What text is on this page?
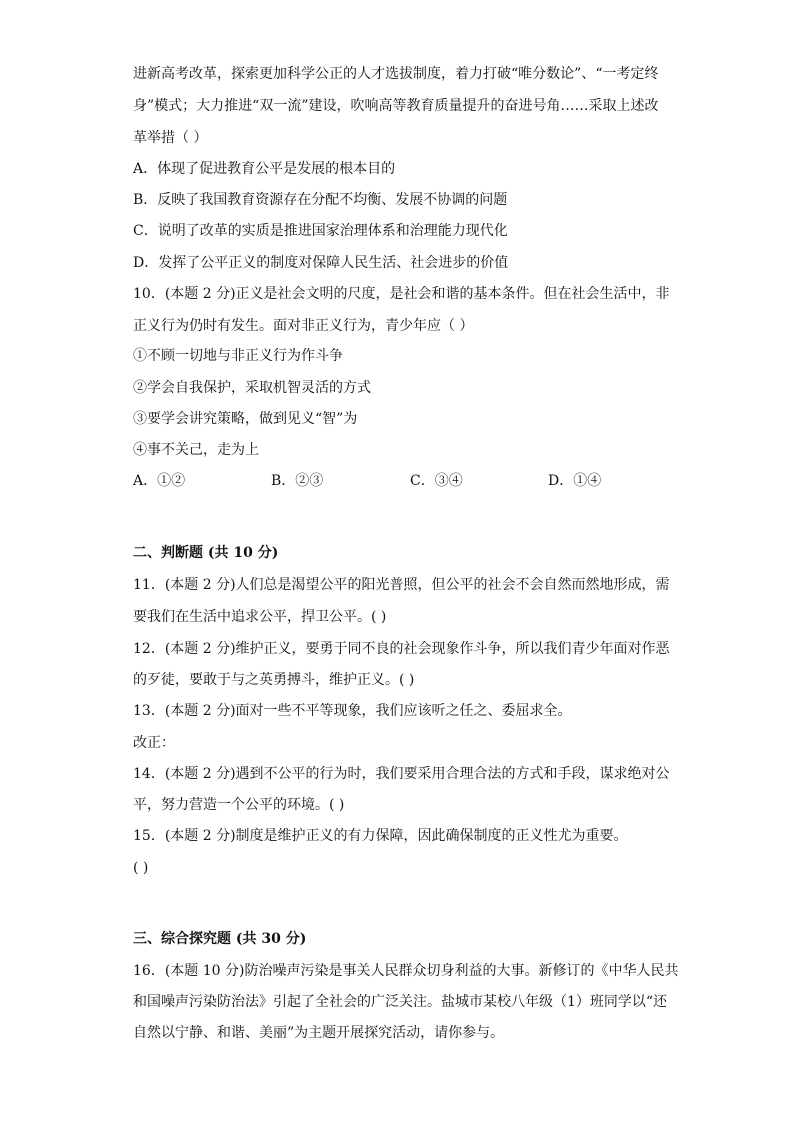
进新高考改革，探索更加科学公正的人才选拔制度，着力打破“唯分数论”、“一考定终
身”模式；大力推进“双一流”建设，吹响高等教育质量提升的奋进号角……采取上述改
革举措（ ）
A．体现了促进教育公平是发展的根本目的
B．反映了我国教育资源存在分配不均衡、发展不协调的问题
C．说明了改革的实质是推进国家治理体系和治理能力现代化
D．发挥了公平正义的制度对保障人民生活、社会进步的价值
10．(本题 2 分)正义是社会文明的尺度，是社会和谐的基本条件。但在社会生活中，非
正义行为仍时有发生。面对非正义行为，青少年应（ ）
①不顾一切地与非正义行为作斗争
②学会自我保护，采取机智灵活的方式
③要学会讲究策略，做到见义“智”为
④事不关己，走为上
A．①②	B．②③	C．③④	D．①④
二、判断题 (共 10 分)
11．(本题 2 分)人们总是渴望公平的阳光普照，但公平的社会不会自然而然地形成，需
要我们在生活中追求公平，捍卫公平。( )
12．(本题 2 分)维护正义，要勇于同不良的社会现象作斗争，所以我们青少年面对作恶
的歹徒，要敢于与之英勇搏斗，维护正义。( )
13．(本题 2 分)面对一些不平等现象，我们应该听之任之、委屈求全。
改正：
14．(本题 2 分)遇到不公平的行为时，我们要采用合理合法的方式和手段，谋求绝对公
平，努力营造一个公平的环境。( )
15．(本题 2 分)制度是维护正义的有力保障，因此确保制度的正义性尤为重要。
( )
三、综合探究题 (共 30 分)
16．(本题 10 分)防治噪声污染是事关人民群众切身利益的大事。新修订的《中华人民共
和国噪声污染防治法》引起了全社会的广泛关注。盐城市某校八年级（1）班同学以“还
自然以宁静、和谐、美丽”为主题开展探究活动，请你参与。
